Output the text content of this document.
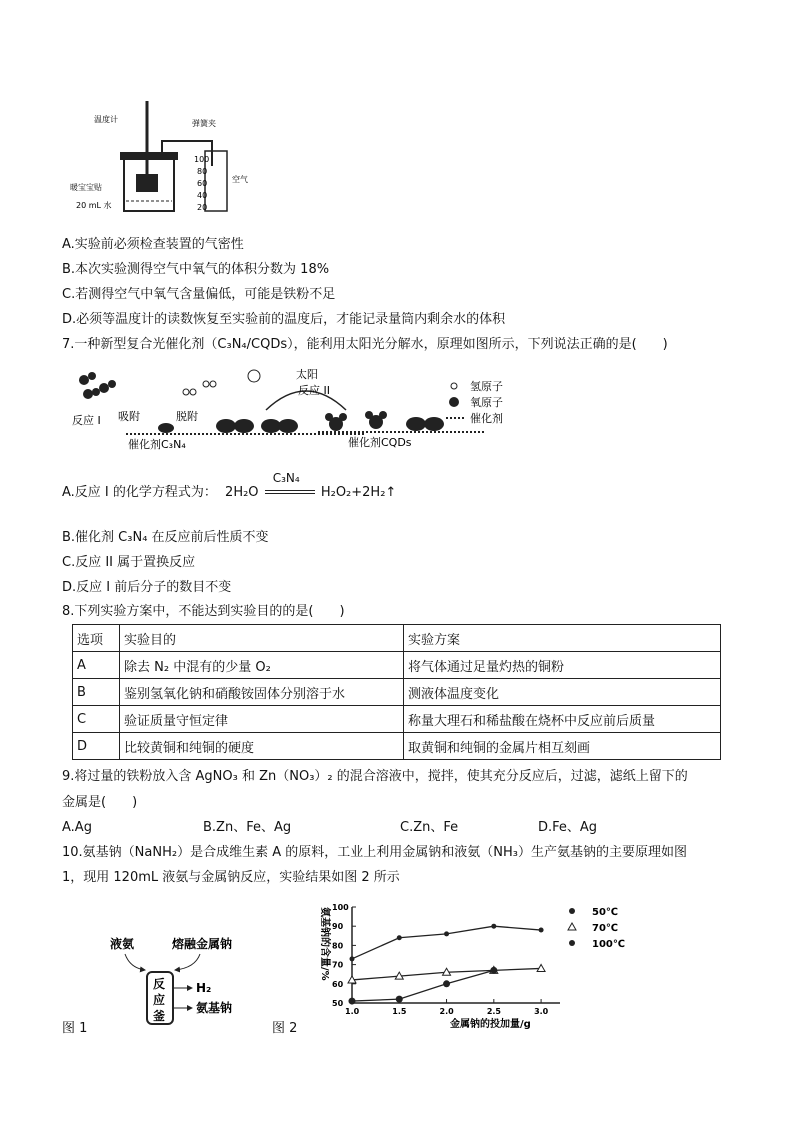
温度计	弹簧夹
暖宝宝贴
20 mL 水
空气
100
80
60
40
20
A.实验前必须检查装置的气密性
B.本次实验测得空气中氧气的体积分数为 18%
C.若测得空气中氧气含量偏低，可能是铁粉不足
D.必须等温度计的读数恢复至实验前的温度后，才能记录量筒内剩余水的体积
7.一种新型复合光催化剂（C₃N₄/CQDs），能利用太阳光分解水，原理如图所示，下列说法正确的是(　　)
反应 I 吸附	脱附
反应 II
太阳
催化剂C₃N₄	催化剂CQDs
氢原子
氧原子
催化剂
A.反应 I 的化学方程式为： 2H₂O
C₃N₄
H₂O₂+2H₂↑
B.催化剂 C₃N₄ 在反应前后性质不变
C.反应 II 属于置换反应
D.反应 I 前后分子的数目不变
8.下列实验方案中，不能达到实验目的的是(　　)
选项	实验目的	实验方案
A	除去 N₂ 中混有的少量 O₂	将气体通过足量灼热的铜粉
B	鉴别氢氧化钠和硝酸铵固体分别溶于水	测液体温度变化
C	验证质量守恒定律	称量大理石和稀盐酸在烧杯中反应前后质量
D	比较黄铜和纯铜的硬度	取黄铜和纯铜的金属片相互刻画
9.将过量的铁粉放入含 AgNO₃ 和 Zn（NO₃）₂ 的混合溶液中，搅拌，使其充分反应后，过滤，滤纸上留下的
金属是(　　)
A.Ag	B.Zn、Fe、Ag	C.Zn、Fe	D.Fe、Ag
10.氨基钠（NaNH₂）是合成维生素 A 的原料，工业上利用金属钠和液氨（NH₃）生产氨基钠的主要原理如图
1，现用 120mL 液氨与金属钠反应，实验结果如图 2 所示
液氨	熔融金属钠
反
应
釜
H₂
氨基钠
图 1	图 2
氨基钠的含量/%
金属钠的投加量/g
1.0	1.5	2.0	2.5	3.0
50
60
70
80
90
100	50℃
70℃
100℃
